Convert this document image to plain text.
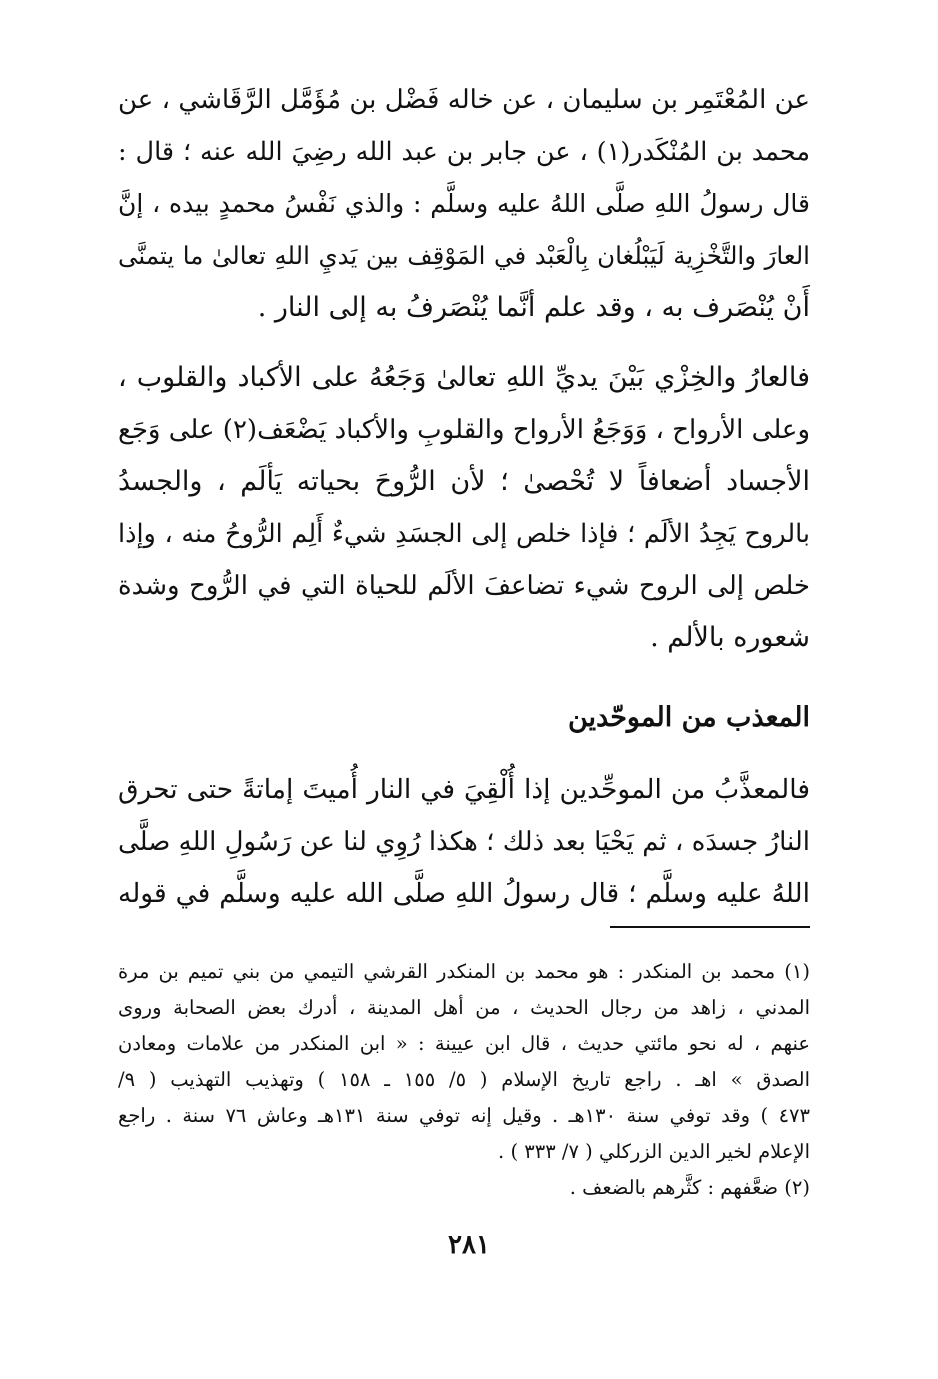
عن المُعْتَمِر بن سليمان ، عن خاله فَضْل بن مُؤَمَّل الرَّقَاشي ، عن
محمد بن المُنْكَدر(١) ، عن جابر بن عبد الله رضِيَ الله عنه ؛ قال :
قال رسولُ اللهِ صلَّى اللهُ عليه وسلَّم : والذي نَفْسُ محمدٍ بيده ، إنَّ
العارَ والتَّخْزِية لَيَبْلُغان بِالْعَبْد في المَوْقِف بين يَديِ اللهِ تعالىٰ ما يتمنَّى
أَنْ يُنْصَرف به ، وقد علم أنَّما يُنْصَرفُ به إلى النار .
فالعارُ والخِزْي بَيْنَ يديِّ اللهِ تعالىٰ وَجَعُهُ على الأكباد والقلوب ،
وعلى الأرواح ، وَوَجَعُ الأرواح والقلوبِ والأكباد يَضْعَف(٢) على وَجَع
الأجساد أضعافاً لا تُحْصىٰ ؛ لأن الرُّوحَ بحياته يَألَم ، والجسدُ
بالروح يَجِدُ الألَم ؛ فإذا خلص إلى الجسَدِ شيءٌ أَلِم الرُّوحُ منه ، وإذا
خلص إلى الروح شيء تضاعفَ الألَم للحياة التي في الرُّوح وشدة
شعوره بالألم .
المعذب من الموحّدين
فالمعذَّبُ من الموحِّدين إذا أُلْقِيَ في النار أُميتَ إماتةً حتى تحرق
النارُ جسدَه ، ثم يَحْيَا بعد ذلك ؛ هكذا رُوِي لنا عن رَسُولِ اللهِ صلَّى
اللهُ عليه وسلَّم ؛ قال رسولُ اللهِ صلَّى الله عليه وسلَّم في قوله
(١) محمد بن المنكدر : هو محمد بن المنكدر القرشي التيمي من بني تميم بن مرة
المدني ، زاهد من رجال الحديث ، من أهل المدينة ، أدرك بعض الصحابة وروى
عنهم ، له نحو مائتي حديث ، قال ابن عيينة : « ابن المنكدر من علامات ومعادن
الصدق » اهـ . راجع تاريخ الإسلام ( ٥/ ١٥٥ ـ ١٥٨ ) وتهذيب التهذيب ( ٩/
٤٧٣ ) وقد توفي سنة ١٣٠هـ . وقيل إنه توفي سنة ١٣١هـ وعاش ٧٦ سنة . راجع
الإعلام لخير الدين الزركلي ( ٧/ ٣٣٣ ) .
(٢) ضعَّفهم : كثَّرهم بالضعف .
٢٨١
